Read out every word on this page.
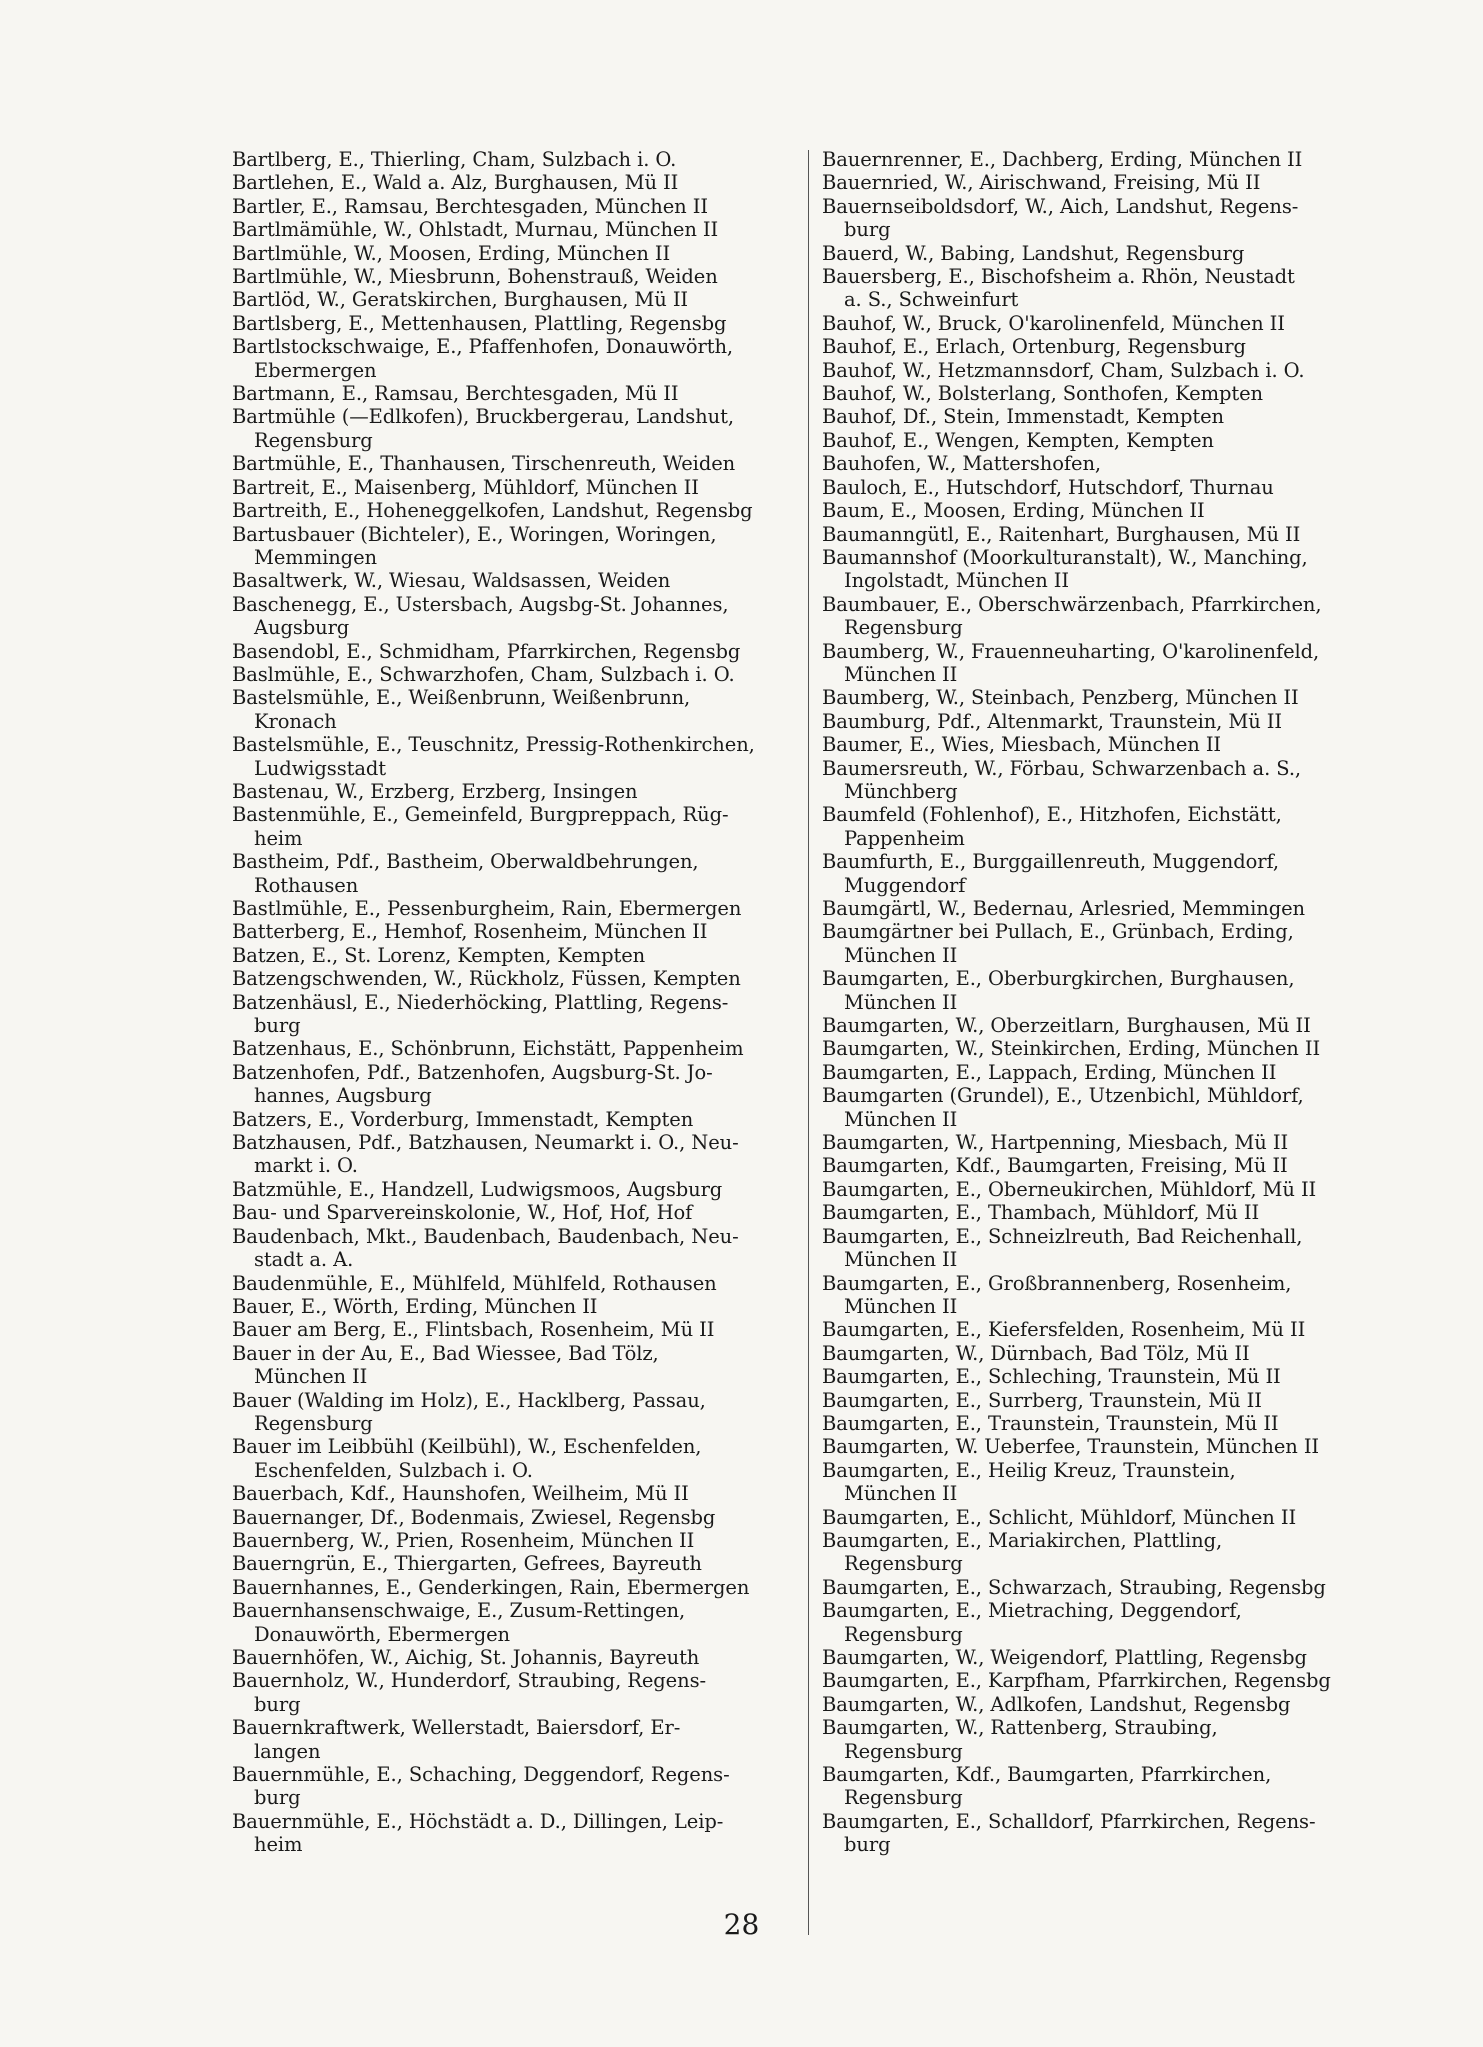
Bartlberg, E., Thierling, Cham, Sulzbach i. O.
Bartlehen, E., Wald a. Alz, Burghausen, Mü II
Bartler, E., Ramsau, Berchtesgaden, München II
Bartlmämühle, W., Ohlstadt, Murnau, München II
Bartlmühle, W., Moosen, Erding, München II
Bartlmühle, W., Miesbrunn, Bohenstrauß, Weiden
Bartlöd, W., Geratskirchen, Burghausen, Mü II
Bartlsberg, E., Mettenhausen, Plattling, Regensbg
Bartlstockschwaige, E., Pfaffenhofen, Donauwörth,
Ebermergen
Bartmann, E., Ramsau, Berchtesgaden, Mü II
Bartmühle (—Edlkofen), Bruckbergerau, Landshut,
Regensburg
Bartmühle, E., Thanhausen, Tirschenreuth, Weiden
Bartreit, E., Maisenberg, Mühldorf, München II
Bartreith, E., Hoheneggelkofen, Landshut, Regensbg
Bartusbauer (Bichteler), E., Woringen, Woringen,
Memmingen
Basaltwerk, W., Wiesau, Waldsassen, Weiden
Baschenegg, E., Ustersbach, Augsbg-St. Johannes,
Augsburg
Basendobl, E., Schmidham, Pfarrkirchen, Regensbg
Baslmühle, E., Schwarzhofen, Cham, Sulzbach i. O.
Bastelsmühle, E., Weißenbrunn, Weißenbrunn,
Kronach
Bastelsmühle, E., Teuschnitz, Pressig-Rothenkirchen,
Ludwigsstadt
Bastenau, W., Erzberg, Erzberg, Insingen
Bastenmühle, E., Gemeinfeld, Burgpreppach, Rüg-
heim
Bastheim, Pdf., Bastheim, Oberwaldbehrungen,
Rothausen
Bastlmühle, E., Pessenburgheim, Rain, Ebermergen
Batterberg, E., Hemhof, Rosenheim, München II
Batzen, E., St. Lorenz, Kempten, Kempten
Batzengschwenden, W., Rückholz, Füssen, Kempten
Batzenhäusl, E., Niederhöcking, Plattling, Regens-
burg
Batzenhaus, E., Schönbrunn, Eichstätt, Pappenheim
Batzenhofen, Pdf., Batzenhofen, Augsburg-St. Jo-
hannes, Augsburg
Batzers, E., Vorderburg, Immenstadt, Kempten
Batzhausen, Pdf., Batzhausen, Neumarkt i. O., Neu-
markt i. O.
Batzmühle, E., Handzell, Ludwigsmoos, Augsburg
Bau- und Sparvereinskolonie, W., Hof, Hof, Hof
Baudenbach, Mkt., Baudenbach, Baudenbach, Neu-
stadt a. A.
Baudenmühle, E., Mühlfeld, Mühlfeld, Rothausen
Bauer, E., Wörth, Erding, München II
Bauer am Berg, E., Flintsbach, Rosenheim, Mü II
Bauer in der Au, E., Bad Wiessee, Bad Tölz,
München II
Bauer (Walding im Holz), E., Hacklberg, Passau,
Regensburg
Bauer im Leibbühl (Keilbühl), W., Eschenfelden,
Eschenfelden, Sulzbach i. O.
Bauerbach, Kdf., Haunshofen, Weilheim, Mü II
Bauernanger, Df., Bodenmais, Zwiesel, Regensbg
Bauernberg, W., Prien, Rosenheim, München II
Bauerngrün, E., Thiergarten, Gefrees, Bayreuth
Bauernhannes, E., Genderkingen, Rain, Ebermergen
Bauernhansenschwaige, E., Zusum-Rettingen,
Donauwörth, Ebermergen
Bauernhöfen, W., Aichig, St. Johannis, Bayreuth
Bauernholz, W., Hunderdorf, Straubing, Regens-
burg
Bauernkraftwerk, Wellerstadt, Baiersdorf, Er-
langen
Bauernmühle, E., Schaching, Deggendorf, Regens-
burg
Bauernmühle, E., Höchstädt a. D., Dillingen, Leip-
heim
Bauernrenner, E., Dachberg, Erding, München II
Bauernried, W., Airischwand, Freising, Mü II
Bauernseiboldsdorf, W., Aich, Landshut, Regens-
burg
Bauerd, W., Babing, Landshut, Regensburg
Bauersberg, E., Bischofsheim a. Rhön, Neustadt
a. S., Schweinfurt
Bauhof, W., Bruck, O'karolinenfeld, München II
Bauhof, E., Erlach, Ortenburg, Regensburg
Bauhof, W., Hetzmannsdorf, Cham, Sulzbach i. O.
Bauhof, W., Bolsterlang, Sonthofen, Kempten
Bauhof, Df., Stein, Immenstadt, Kempten
Bauhof, E., Wengen, Kempten, Kempten
Bauhofen, W., Mattershofen,
Bauloch, E., Hutschdorf, Hutschdorf, Thurnau
Baum, E., Moosen, Erding, München II
Baumanngütl, E., Raitenhart, Burghausen, Mü II
Baumannshof (Moorkulturanstalt), W., Manching,
Ingolstadt, München II
Baumbauer, E., Oberschwärzenbach, Pfarrkirchen,
Regensburg
Baumberg, W., Frauenneuharting, O'karolinenfeld,
München II
Baumberg, W., Steinbach, Penzberg, München II
Baumburg, Pdf., Altenmarkt, Traunstein, Mü II
Baumer, E., Wies, Miesbach, München II
Baumersreuth, W., Förbau, Schwarzenbach a. S.,
Münchberg
Baumfeld (Fohlenhof), E., Hitzhofen, Eichstätt,
Pappenheim
Baumfurth, E., Burggaillenreuth, Muggendorf,
Muggendorf
Baumgärtl, W., Bedernau, Arlesried, Memmingen
Baumgärtner bei Pullach, E., Grünbach, Erding,
München II
Baumgarten, E., Oberburgkirchen, Burghausen,
München II
Baumgarten, W., Oberzeitlarn, Burghausen, Mü II
Baumgarten, W., Steinkirchen, Erding, München II
Baumgarten, E., Lappach, Erding, München II
Baumgarten (Grundel), E., Utzenbichl, Mühldorf,
München II
Baumgarten, W., Hartpenning, Miesbach, Mü II
Baumgarten, Kdf., Baumgarten, Freising, Mü II
Baumgarten, E., Oberneukirchen, Mühldorf, Mü II
Baumgarten, E., Thambach, Mühldorf, Mü II
Baumgarten, E., Schneizlreuth, Bad Reichenhall,
München II
Baumgarten, E., Großbrannenberg, Rosenheim,
München II
Baumgarten, E., Kiefersfelden, Rosenheim, Mü II
Baumgarten, W., Dürnbach, Bad Tölz, Mü II
Baumgarten, E., Schleching, Traunstein, Mü II
Baumgarten, E., Surrberg, Traunstein, Mü II
Baumgarten, E., Traunstein, Traunstein, Mü II
Baumgarten, W. Ueberfee, Traunstein, München II
Baumgarten, E., Heilig Kreuz, Traunstein,
München II
Baumgarten, E., Schlicht, Mühldorf, München II
Baumgarten, E., Mariakirchen, Plattling,
Regensburg
Baumgarten, E., Schwarzach, Straubing, Regensbg
Baumgarten, E., Mietraching, Deggendorf,
Regensburg
Baumgarten, W., Weigendorf, Plattling, Regensbg
Baumgarten, E., Karpfham, Pfarrkirchen, Regensbg
Baumgarten, W., Adlkofen, Landshut, Regensbg
Baumgarten, W., Rattenberg, Straubing,
Regensburg
Baumgarten, Kdf., Baumgarten, Pfarrkirchen,
Regensburg
Baumgarten, E., Schalldorf, Pfarrkirchen, Regens-
burg
28
